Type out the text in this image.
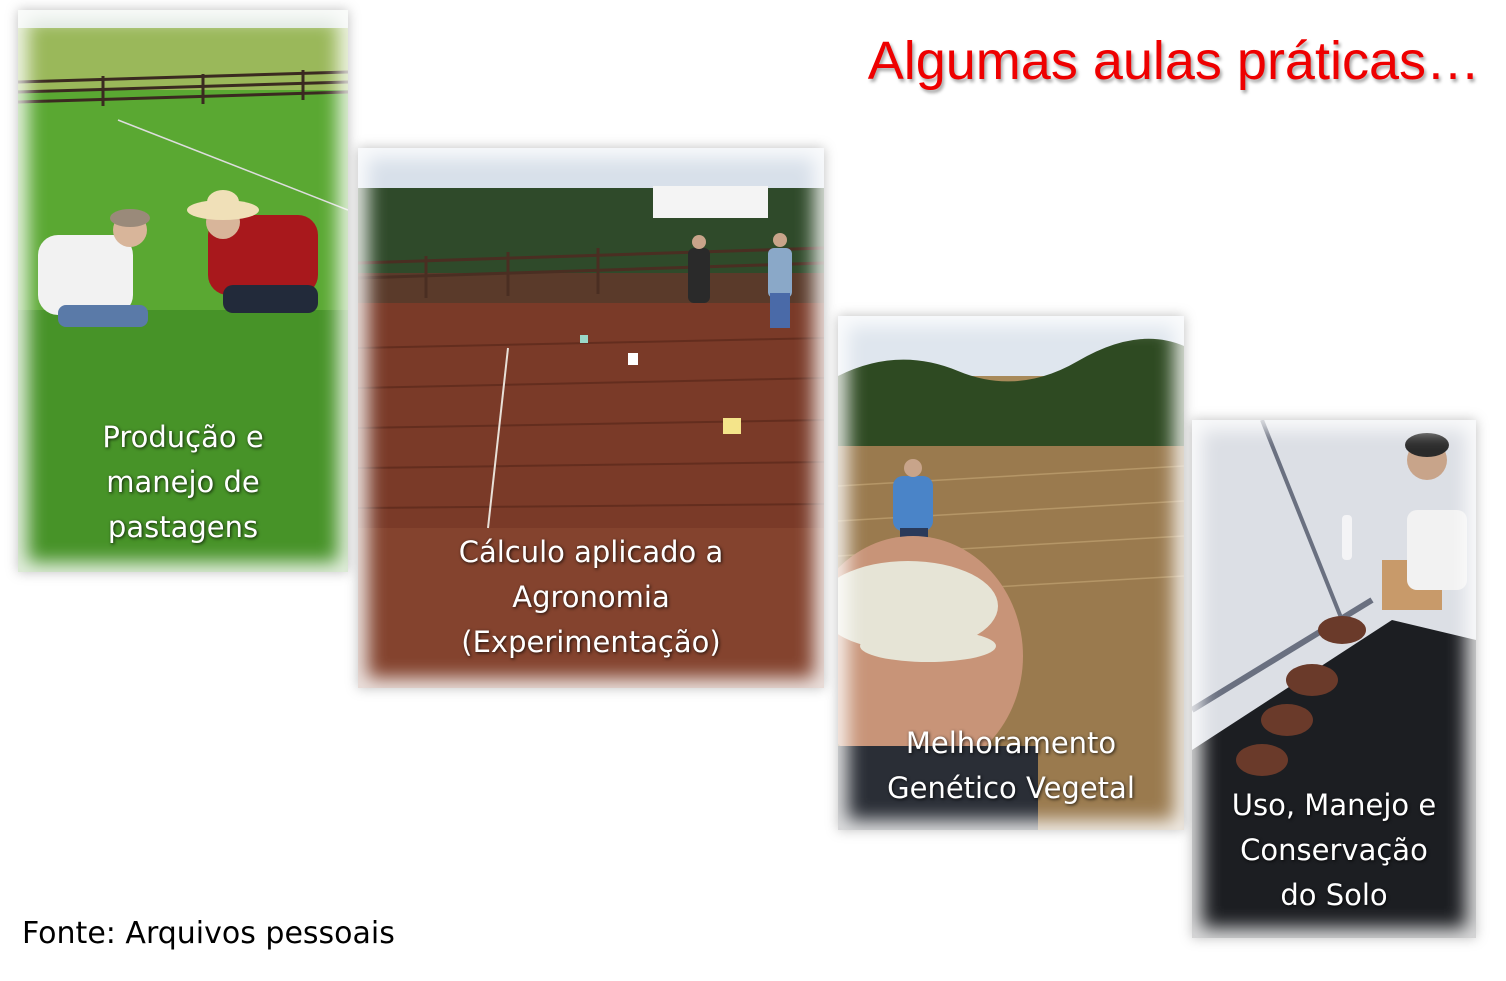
Algumas aulas práticas…
Produção e
manejo de
pastagens
Cálculo aplicado a
Agronomia
(Experimentação)
Melhoramento
Genético Vegetal	Uso, Manejo e
Conservação
do Solo
Fonte: Arquivos pessoais
